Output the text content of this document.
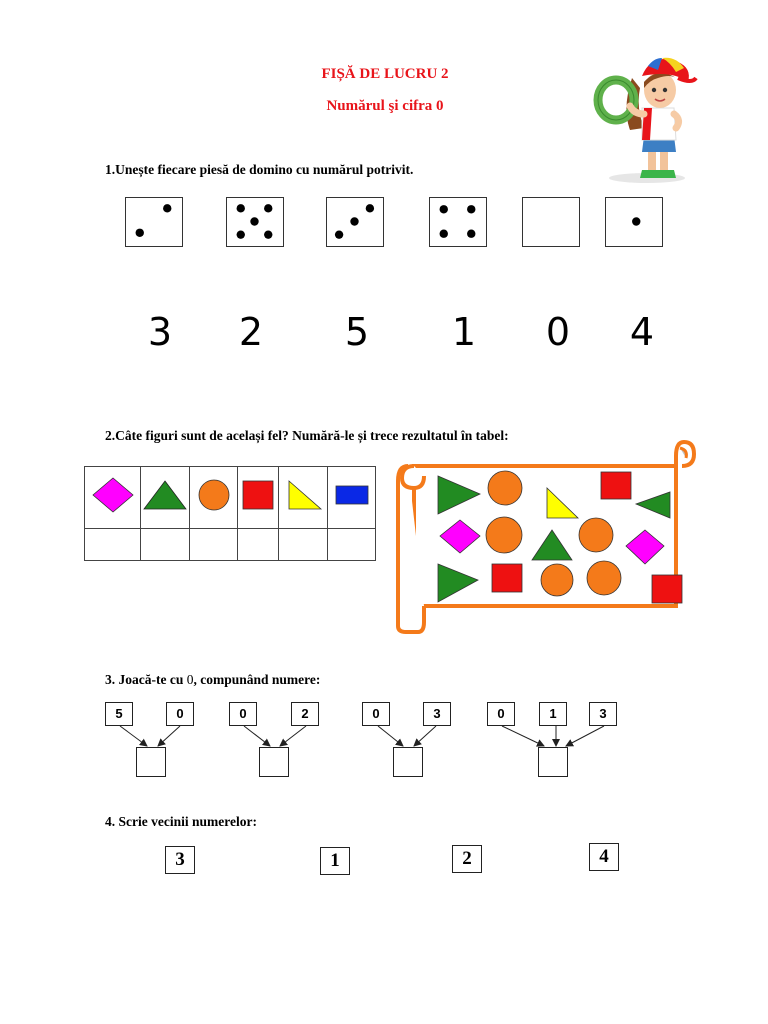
FIȘĂ DE LUCRU 2
Numărul şi cifra 0
1.Unește fiecare piesă de domino cu numărul potrivit.
3 2 5 1 0 4
2.Câte figuri sunt de același fel? Numără-le și trece rezultatul în tabel:

3. Joacă-te cu 0, compunând numere:
5	0	0	2	0	3	0	1	3
4. Scrie vecinii numerelor:
3	1	2	4
